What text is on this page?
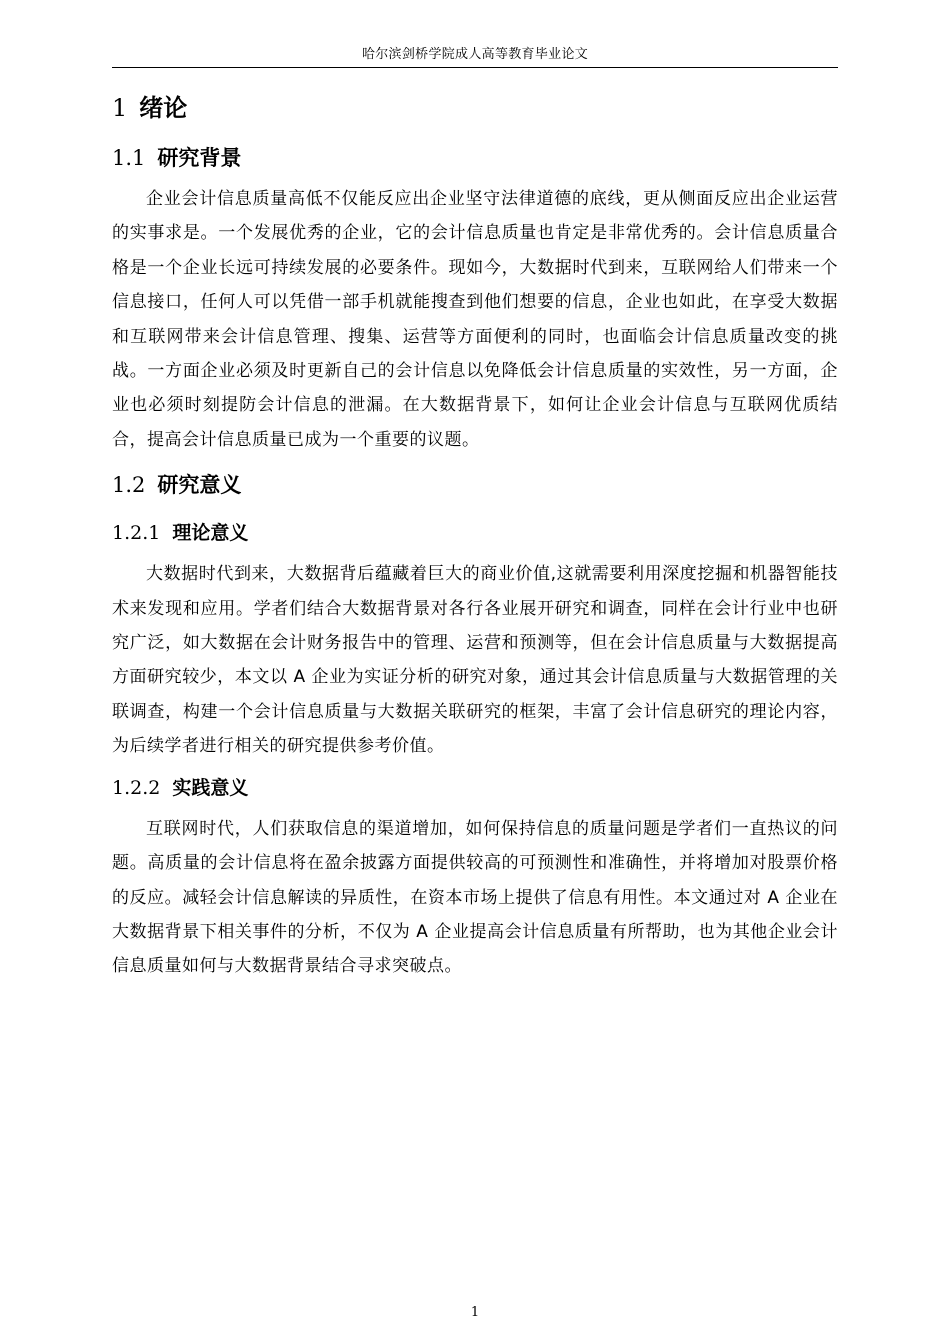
哈尔滨剑桥学院成人高等教育毕业论文
1 绪论
1.1 研究背景

企业会计信息质量高低不仅能反应出企业坚守法律道德的底线，更从侧面反应出企业运营的实事求是。一个发展优秀的企业，它的会计信息质量也肯定是非常优秀的。会计信息质量合格是一个企业长远可持续发展的必要条件。现如今，大数据时代到来，互联网给人们带来一个信息接口，任何人可以凭借一部手机就能搜查到他们想要的信息，企业也如此，在享受大数据和互联网带来会计信息管理、搜集、运营等方面便利的同时，也面临会计信息质量改变的挑战。一方面企业必须及时更新自己的会计信息以免降低会计信息质量的实效性，另一方面，企业也必须时刻提防会计信息的泄漏。在大数据背景下，如何让企业会计信息与互联网优质结合，提高会计信息质量已成为一个重要的议题。

1.2 研究意义
1.2.1 理论意义

大数据时代到来，大数据背后蕴藏着巨大的商业价值,这就需要利用深度挖掘和机器智能技术来发现和应用。学者们结合大数据背景对各行各业展开研究和调查，同样在会计行业中也研究广泛，如大数据在会计财务报告中的管理、运营和预测等，但在会计信息质量与大数据提高方面研究较少，本文以 A 企业为实证分析的研究对象，通过其会计信息质量与大数据管理的关联调查，构建一个会计信息质量与大数据关联研究的框架，丰富了会计信息研究的理论内容，为后续学者进行相关的研究提供参考价值。

1.2.2 实践意义

互联网时代，人们获取信息的渠道增加，如何保持信息的质量问题是学者们一直热议的问题。高质量的会计信息将在盈余披露方面提供较高的可预测性和准确性，并将增加对股票价格的反应。减轻会计信息解读的异质性，在资本市场上提供了信息有用性。本文通过对 A 企业在大数据背景下相关事件的分析，不仅为 A 企业提高会计信息质量有所帮助，也为其他企业会计信息质量如何与大数据背景结合寻求突破点。

1
